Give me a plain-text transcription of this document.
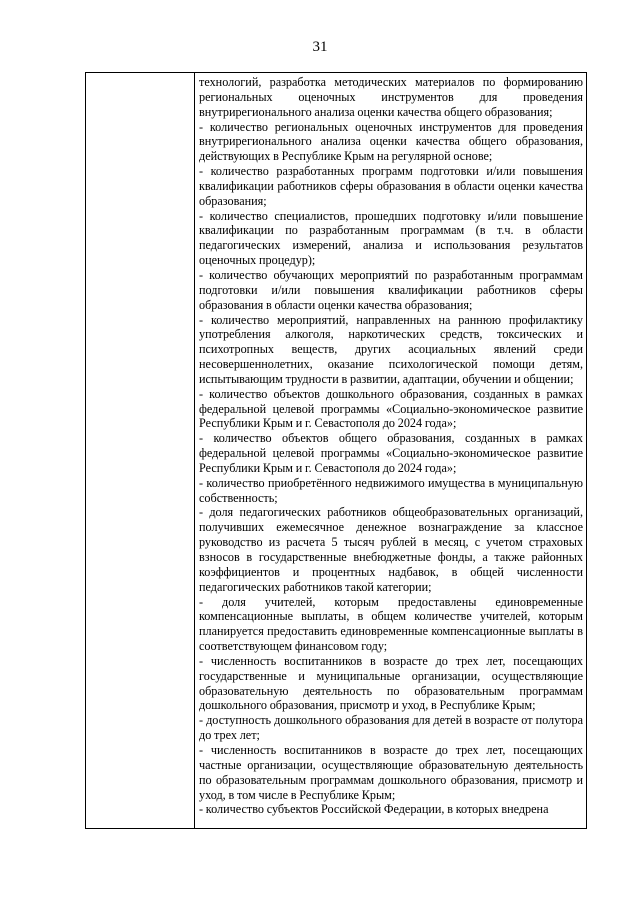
31

технологий, разработка методических материалов по формированию региональных оценочных инструментов для проведения внутрирегионального анализа оценки качества общего образования;

- количество региональных оценочных инструментов для проведения внутрирегионального анализа оценки качества общего образования, действующих в Республике Крым на регулярной основе;

- количество разработанных программ подготовки и/или повышения квалификации работников сферы образования в области оценки качества образования;

- количество специалистов, прошедших подготовку и/или повышение квалификации по разработанным программам (в т.ч. в области педагогических измерений, анализа и использования результатов оценочных процедур);

- количество обучающих мероприятий по разработанным программам подготовки и/или повышения квалификации работников сферы образования в области оценки качества образования;

- количество мероприятий, направленных на раннюю профилактику употребления алкоголя, наркотических средств, токсических и психотропных веществ, других асоциальных явлений среди несовершеннолетних, оказание психологической помощи детям, испытывающим трудности в развитии, адаптации, обучении и общении;

- количество объектов дошкольного образования, созданных в рамках федеральной целевой программы «Социально-экономическое развитие Республики Крым и г. Севастополя до 2024 года»;

- количество объектов общего образования, созданных в рамках федеральной целевой программы «Социально-экономическое развитие Республики Крым и г. Севастополя до 2024 года»;

- количество приобретённого недвижимого имущества в муниципальную собственность;

- доля педагогических работников общеобразовательных организаций, получивших ежемесячное денежное вознаграждение за классное руководство из расчета 5 тысяч рублей в месяц, с учетом страховых взносов в государственные внебюджетные фонды, а также районных коэффициентов и процентных надбавок, в общей численности педагогических работников такой категории;

- доля учителей, которым предоставлены единовременные компенсационные выплаты, в общем количестве учителей, которым планируется предоставить единовременные компенсационные выплаты в соответствующем финансовом году;

- численность воспитанников в возрасте до трех лет, посещающих государственные и муниципальные организации, осуществляющие образовательную деятельность по образовательным программам дошкольного образования, присмотр и уход, в Республике Крым;

- доступность дошкольного образования для детей в возрасте от полутора до трех лет;

- численность воспитанников в возрасте до трех лет, посещающих частные организации, осуществляющие образовательную деятельность по образовательным программам дошкольного образования, присмотр и уход, в том числе в Республике Крым;

- количество субъектов Российской Федерации, в которых внедрена
